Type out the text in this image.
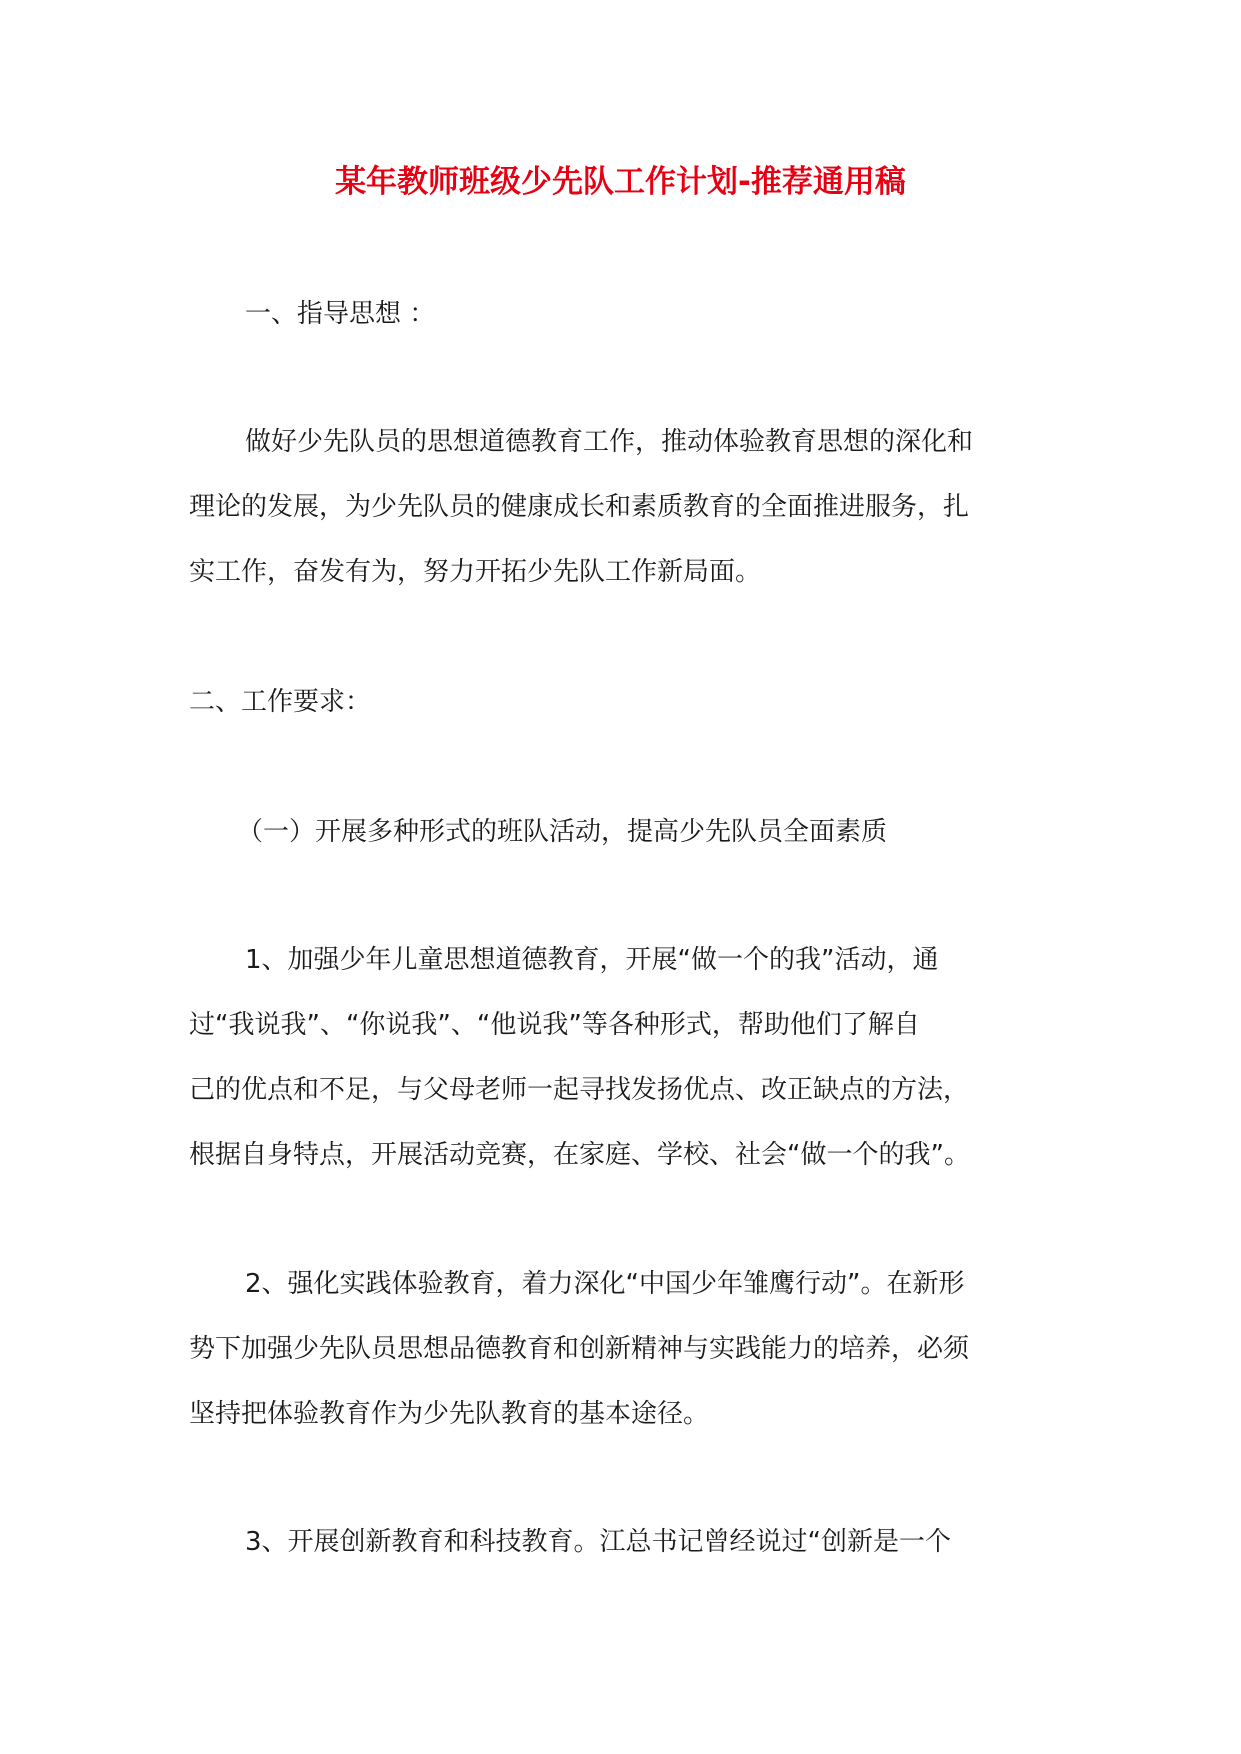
某年教师班级少先队工作计划-推荐通用稿
一、指导思想 ：
做好少先队员的思想道德教育工作，推动体验教育思想的深化和
理论的发展，为少先队员的健康成长和素质教育的全面推进服务，扎
实工作，奋发有为，努力开拓少先队工作新局面。
二、工作要求：
（一）开展多种形式的班队活动，提高少先队员全面素质
1、加强少年儿童思想道德教育，开展“做一个的我”活动，通
过“我说我”、“你说我”、“他说我”等各种形式，帮助他们了解自
己的优点和不足，与父母老师一起寻找发扬优点、改正缺点的方法，
根据自身特点，开展活动竞赛，在家庭、学校、社会“做一个的我”。
2、强化实践体验教育，着力深化“中国少年雏鹰行动”。在新形
势下加强少先队员思想品德教育和创新精神与实践能力的培养，必须
坚持把体验教育作为少先队教育的基本途径。
3、开展创新教育和科技教育。江总书记曾经说过“创新是一个
